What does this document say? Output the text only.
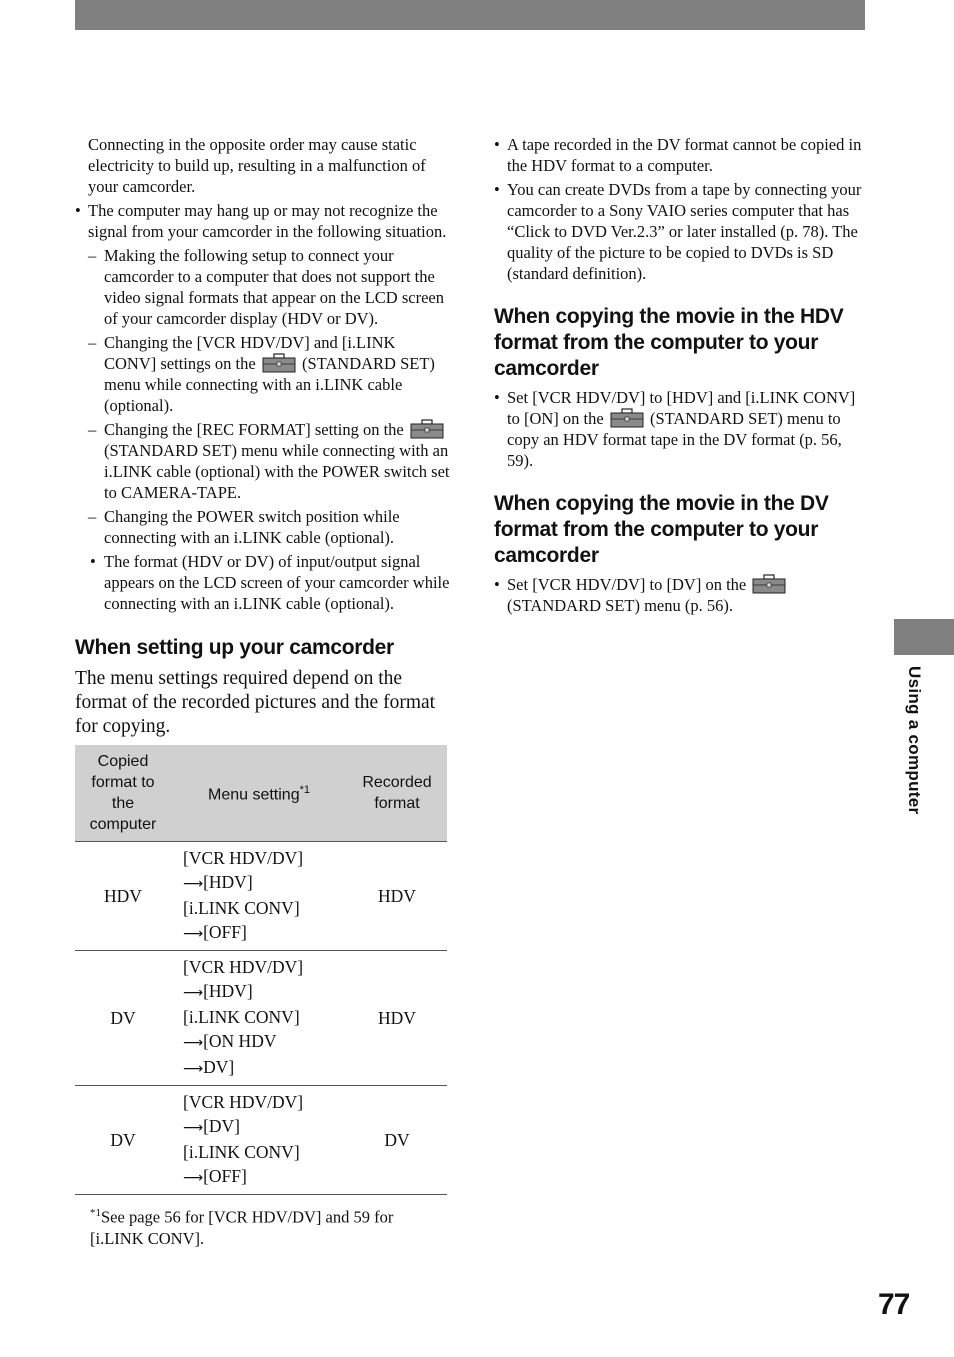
Connecting in the opposite order may cause static electricity to build up, resulting in a malfunction of your camcorder.

• The computer may hang up or may not recognize the signal from your camcorder in the following situation.

– Making the following setup to connect your camcorder to a computer that does not support the video signal formats that appear on the LCD screen of your camcorder display (HDV or DV).

– Changing the [VCR HDV/DV] and [i.LINK CONV] settings on the	(STANDARD SET) menu while connecting with an i.LINK cable (optional).

– Changing the [REC FORMAT] setting on the  (STANDARD SET) menu while connecting with an i.LINK cable (optional) with the POWER switch set to CAMERA-TAPE.

– Changing the POWER switch position while connecting with an i.LINK cable (optional).

• The format (HDV or DV) of input/output signal appears on the LCD screen of your camcorder while connecting with an i.LINK cable (optional).

When setting up your camcorder

The menu settings required depend on the format of the recorded pictures and the format for copying.

Copied format to the computer	Menu setting$^{*1}$	Recorded format
HDV	[VCR HDV/DV]
⟶[HDV]
[i.LINK CONV]
⟶[OFF]	HDV
DV	[VCR HDV/DV]
⟶[HDV]
[i.LINK CONV]
⟶[ON HDV
⟶DV]	HDV
DV	[VCR HDV/DV]
⟶[DV]
[i.LINK CONV]
⟶[OFF]	DV

$^{*1}$See page 56 for [VCR HDV/DV] and 59 for [i.LINK CONV].

• A tape recorded in the DV format cannot be copied in the HDV format to a computer.

• You can create DVDs from a tape by connecting your camcorder to a Sony VAIO series computer that has “Click to DVD Ver.2.3” or later installed (p. 78). The quality of the picture to be copied to DVDs is SD (standard definition).

When copying the movie in the HDV format from the computer to your camcorder

• Set [VCR HDV/DV] to [HDV] and [i.LINK CONV] to [ON] on the	(STANDARD SET) menu to copy an HDV format tape in the DV format (p. 56, 59).

When copying the movie in the DV format from the computer to your camcorder

• Set [VCR HDV/DV] to [DV] on the  (STANDARD SET) menu (p. 56).

Using a computer
77
